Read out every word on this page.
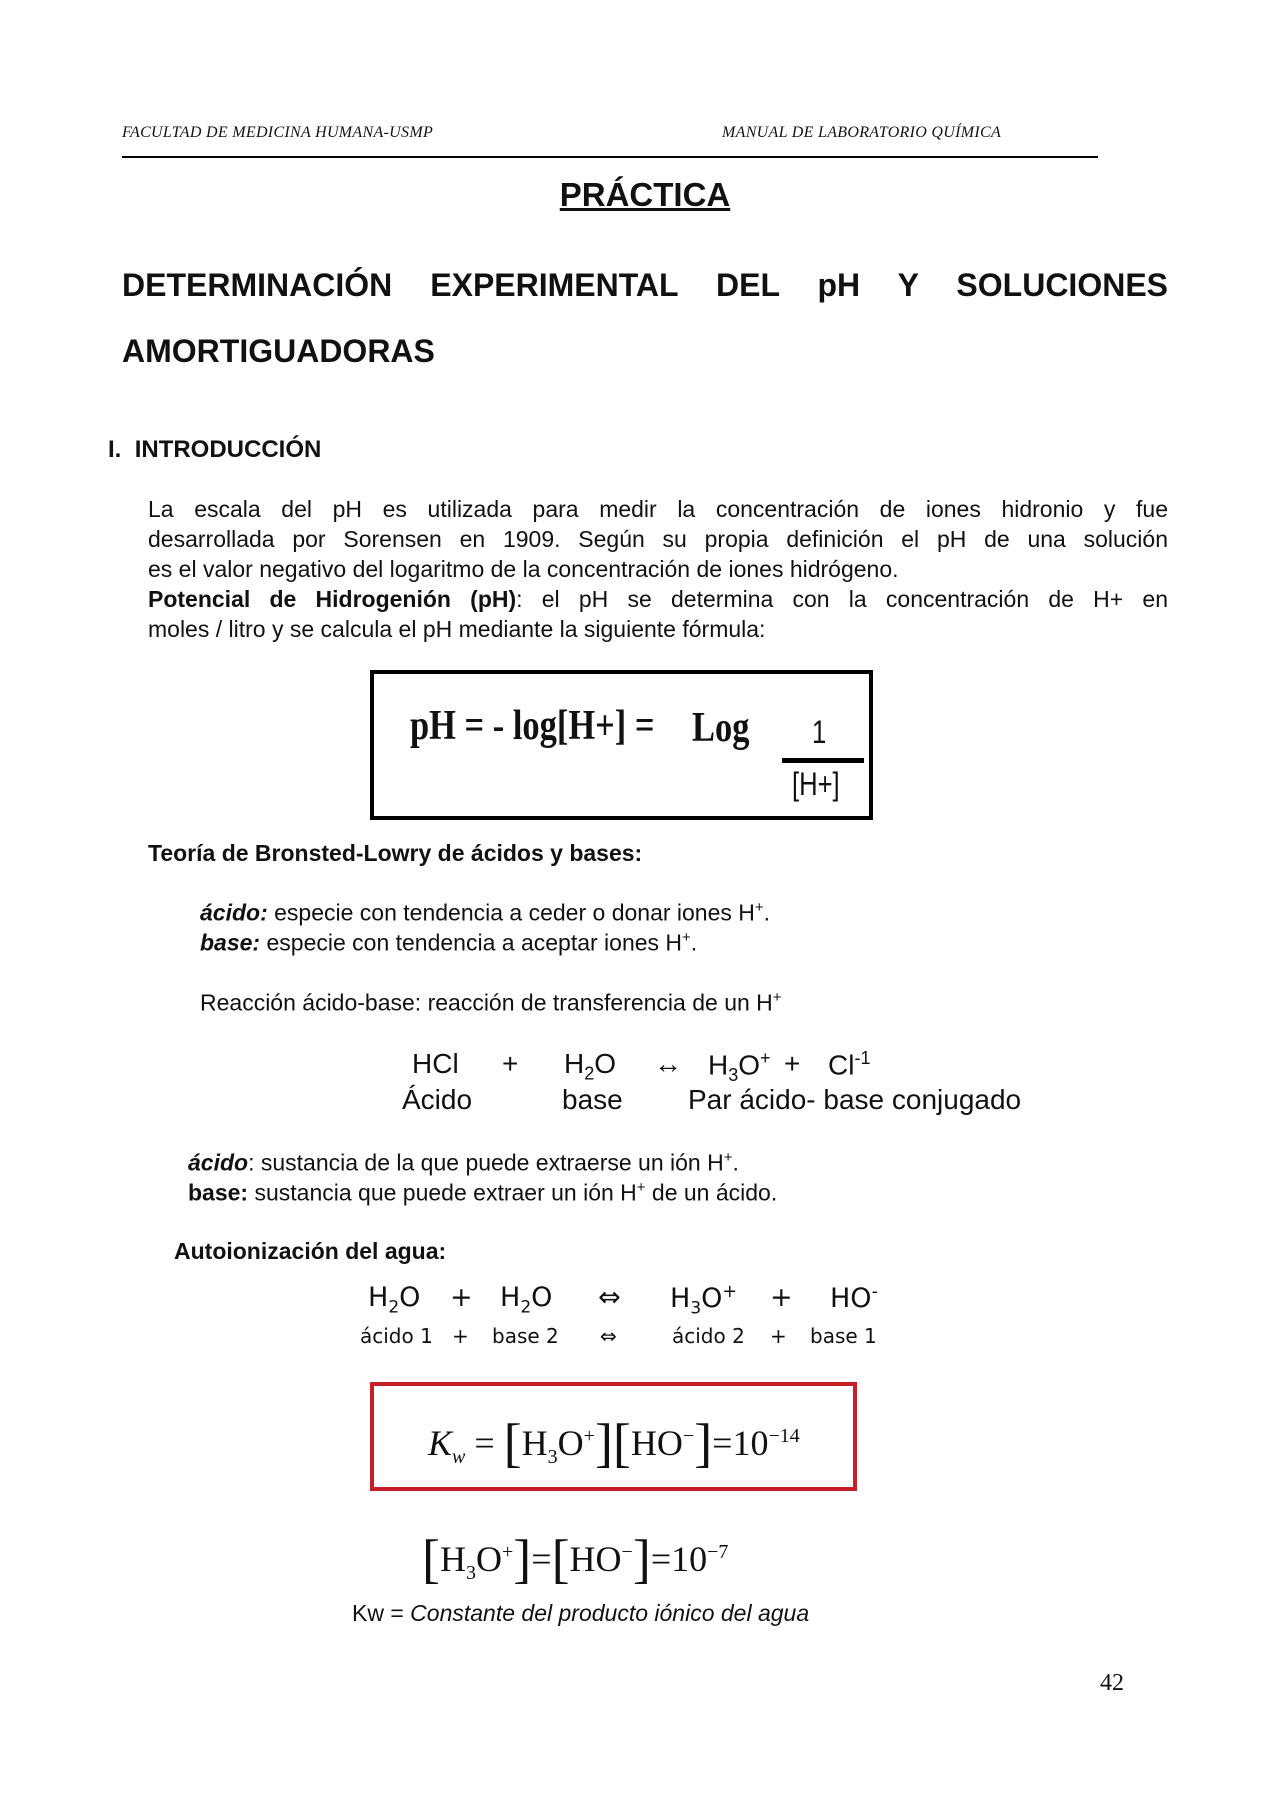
FACULTAD DE MEDICINA HUMANA-USMP	MANUAL DE LABORATORIO QUÍMICA
PRÁCTICA
DETERMINACIÓN EXPERIMENTAL DEL pH Y SOLUCIONES AMORTIGUADORAS
I. INTRODUCCIÓN
La escala del pH es utilizada para medir la concentración de iones hidronio y fue
desarrollada por Sorensen en 1909. Según su propia definición el pH de una solución
es el valor negativo del logaritmo de la concentración de iones hidrógeno.
Potencial de Hidrogenión (pH): el pH se determina con la concentración de H+ en
moles / litro y se calcula el pH mediante la siguiente fórmula:
pH = - log[H+] = Log 1
[H+]
Teoría de Bronsted-Lowry de ácidos y bases:
ácido: especie con tendencia a ceder o donar iones H+.
base: especie con tendencia a aceptar iones H+.
Reacción ácido-base: reacción de transferencia de un H+
HCl + $H_2O$ ↔ $H_3O^+ + Cl^{-1}$
Ácido	base Par ácido- base conjugado
ácido: sustancia de la que puede extraerse un ión H+.
base: sustancia que puede extraer un ión H+ de un ácido.
Autoionización del agua:
$H_2O + H_2O$ ⇔ $H_3O^+ + HO^-$
ácido 1 + base 2 ⇔	ácido 2 + base 1
$K_w = [H_3O^+][HO^-]=10^{-14}$
$[H_3O^+]=[HO^-]=10^{-7}$
Kw = Constante del producto iónico del agua
42
